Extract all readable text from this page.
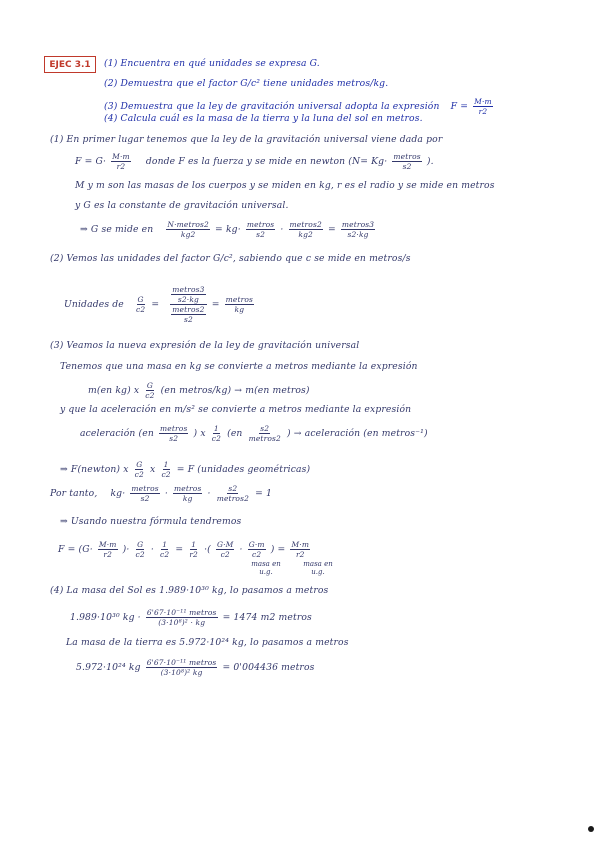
EJEC 3.1	(1) Encuentra en qué unidades se expresa G.
(2) Demuestra que el factor G/c² tiene unidades metros/kg.
(3) Demuestra que la ley de gravitación universal adopta la expresión $F = \frac{M\cdot m}{r2}$
(4) Calcula cuál es la masa de la tierra y la luna del sol en metros.
(1) En primer lugar tenemos que la ley de la gravitación universal viene dada por
$F = G\cdot \frac{M\cdot m}{r2}$ donde F es la fuerza y se mide en newton ($N= Kg\cdot \frac{\text{metros}}{s2}$ ).
M y m son las masas de los cuerpos y se miden en kg, r es el radio y se mide en metros
y G es la constante de gravitación universal.
⇒ G se mide en $\frac{\text{N·metros2}}{kg2} = kg\cdot \frac{\text{metros}}{s2} \cdot \frac{\text{metros2}}{kg2} = \frac{\text{metros3}}{s2\cdot kg}$
(2) Vemos las unidades del factor G/c², sabiendo que c se mide en metros/s
Unidades de $\frac{G}{c2}$ = metros3
s2·kg
metros2
$s2 = \frac{\text{metros}}{kg}$
(3) Veamos la nueva expresión de la ley de gravitación universal
Tenemos que una masa en kg se convierte a metros mediante la expresión
m(en kg) x $\frac{G}{c2} (en$ metros/kg) → m(en metros)
y que la aceleración en m/s² se convierte a metros mediante la expresión
aceleración ($en \frac{\text{metros}}{s2}$ ) x $\frac{1}{c2} (en \frac{s2}{\text{metros2}}$ ) → aceleración (en metros⁻¹)
⇒ F(newton) x $\frac{G}{c2}$ x $\frac{1}{c2} = F$ (unidades geométricas)
Por tanto, $kg\cdot \frac{\text{metros}}{s2} \cdot \frac{\text{metros}}{kg} \cdot \frac{s2}{\text{metros2}} = 1$
⇒ Usando nuestra fórmula tendremos
$F = (G\cdot \frac{M\cdot m}{r2}$ )· $\frac{G}{c2} \cdot \frac{1}{c2} = \frac{1}{r2}$ ·( $\frac{G\cdot M}{c2} \cdot \frac{G\cdot m}{c2}$ ) = $\frac{M\cdot m}{r2}$
masa en u.g.
masa en u.g.
(4) La masa del Sol es 1.989·10³⁰ kg, lo pasamos a metros
1.989·10³⁰ kg · $\frac{\text{6'67·10⁻¹¹ metros}}{\text{(3·10⁸)² · kg}} = 1474$ m2 metros
La masa de la tierra es 5.972·10²⁴ kg, lo pasamos a metros
5.972·10²⁴ kg $\frac{\text{6'67·10⁻¹¹ metros}}{\text{(3·10⁸)² kg}} = 0'004436$ metros
